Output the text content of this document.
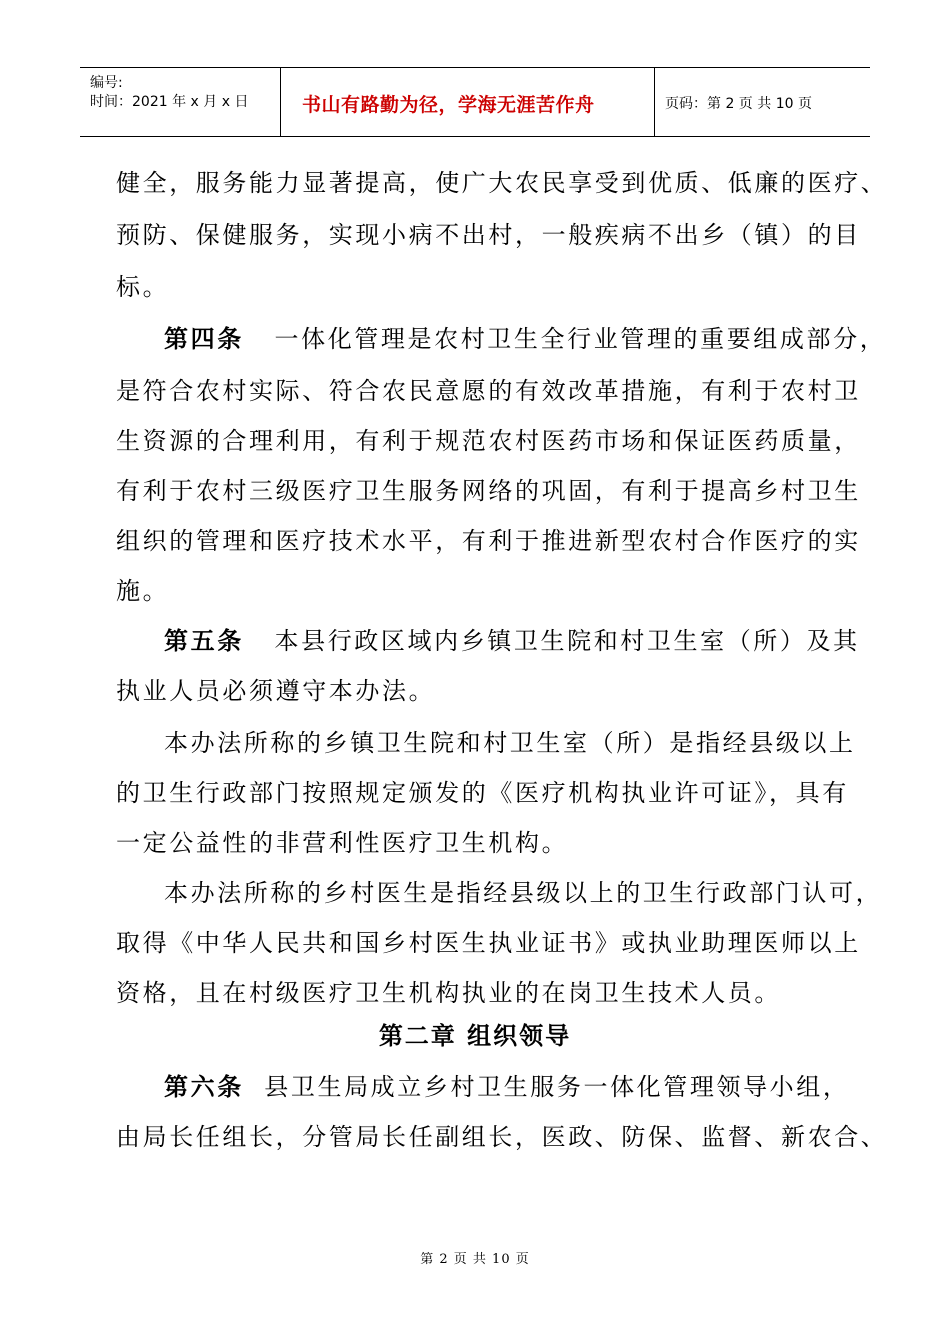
编号:
时间：2021 年 x 月 x 日	书山有路勤为径，学海无涯苦作舟	页码：第 2 页 共 10 页
健全，服务能力显著提高，使广大农民享受到优质、低廉的医疗、
预防、保健服务，实现小病不出村，一般疾病不出乡（镇）的目
标。
第四条 一体化管理是农村卫生全行业管理的重要组成部分，
是符合农村实际、符合农民意愿的有效改革措施，有利于农村卫
生资源的合理利用，有利于规范农村医药市场和保证医药质量，
有利于农村三级医疗卫生服务网络的巩固，有利于提高乡村卫生
组织的管理和医疗技术水平，有利于推进新型农村合作医疗的实
施。
第五条 本县行政区域内乡镇卫生院和村卫生室（所）及其
执业人员必须遵守本办法。
本办法所称的乡镇卫生院和村卫生室（所）是指经县级以上
的卫生行政部门按照规定颁发的《医疗机构执业许可证》，具有
一定公益性的非营利性医疗卫生机构。
本办法所称的乡村医生是指经县级以上的卫生行政部门认可，
取得《中华人民共和国乡村医生执业证书》或执业助理医师以上
资格，且在村级医疗卫生机构执业的在岗卫生技术人员。
第二章 组织领导
第六条 县卫生局成立乡村卫生服务一体化管理领导小组，
由局长任组长，分管局长任副组长，医政、防保、监督、新农合、
第 2 页 共 10 页
